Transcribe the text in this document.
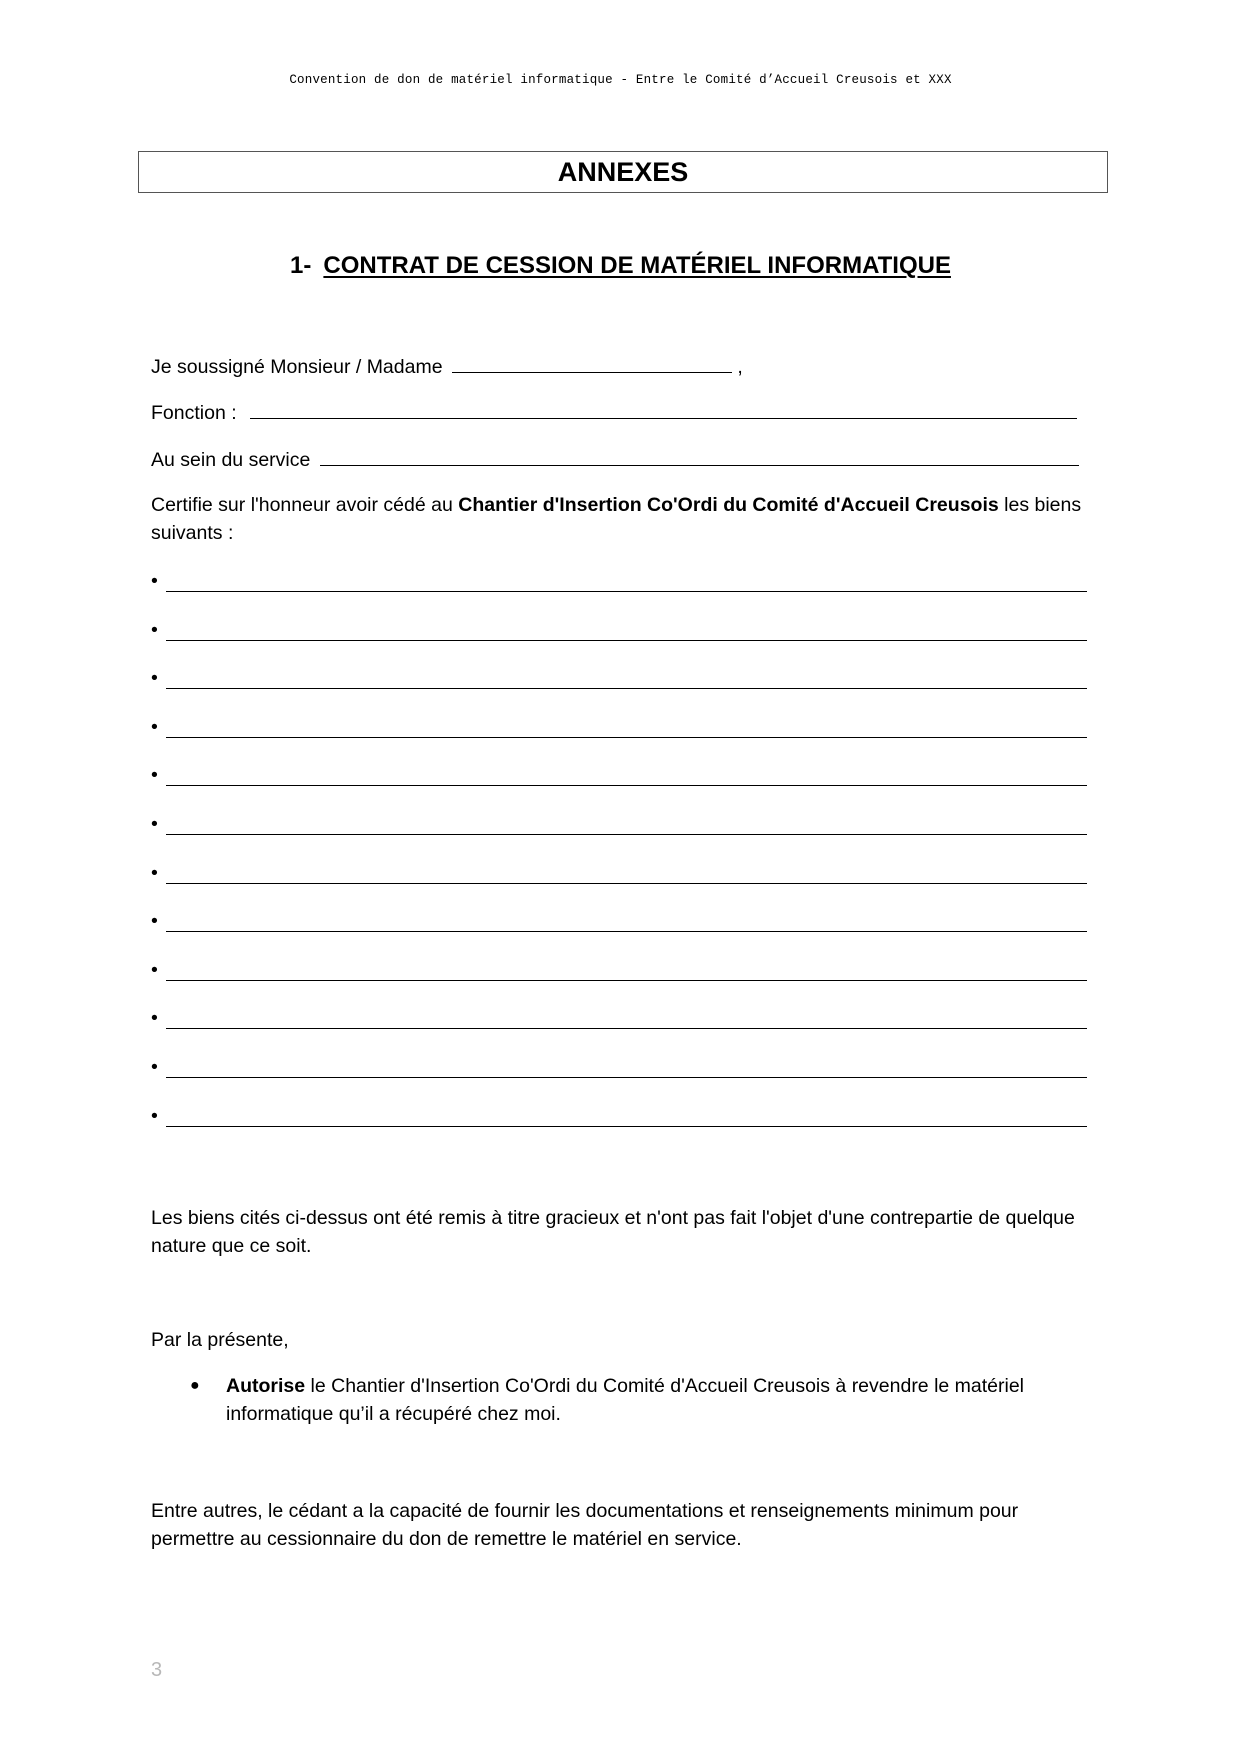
Convention de don de matériel informatique - Entre le Comité d’Accueil Creusois et XXX
ANNEXES
1- CONTRAT DE CESSION DE MATÉRIEL INFORMATIQUE
Je soussigné Monsieur / Madame	,
Fonction :
Au sein du service
Certifie sur l'honneur avoir cédé au Chantier d'Insertion Co'Ordi du Comité d'Accueil Creusois les biens suivants :
•
•
•
•
•
•
•
•
•
•
•
•
Les biens cités ci-dessus ont été remis à titre gracieux et n'ont pas fait l'objet d'une contrepartie de quelque nature que ce soit.
Par la présente,
● Autorise le Chantier d'Insertion Co'Ordi du Comité d'Accueil Creusois à revendre le matériel informatique qu’il a récupéré chez moi.
Entre autres, le cédant a la capacité de fournir les documentations et renseignements minimum pour permettre au cessionnaire du don de remettre le matériel en service.
3
